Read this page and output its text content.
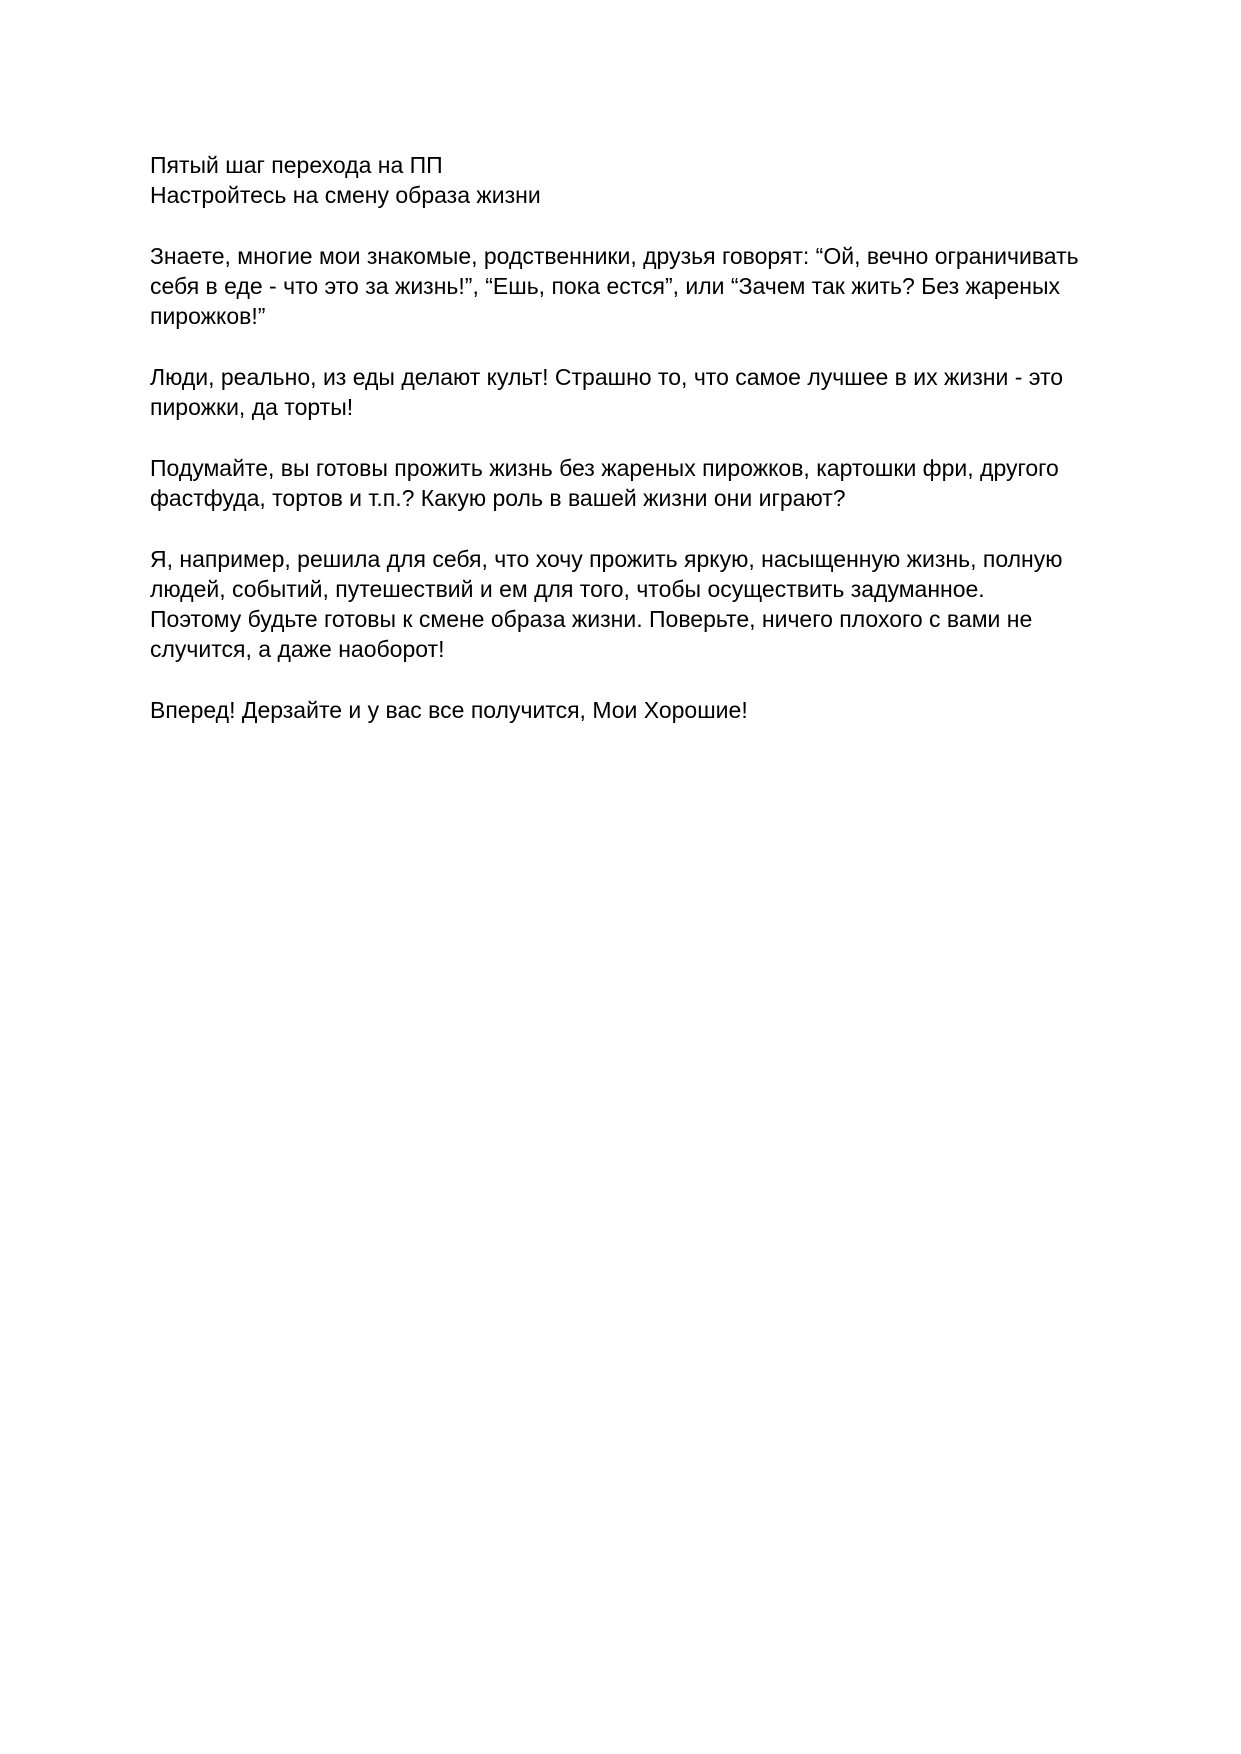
Пятый шаг перехода на ПП
Настройтесь на смену образа жизни

Знаете, многие мои знакомые, родственники, друзья говорят: “Ой, вечно ограничивать
себя в еде - что это за жизнь!”, “Ешь, пока естся”, или “Зачем так жить? Без жареных
пирожков!”

Люди, реально, из еды делают культ! Страшно то, что самое лучшее в их жизни - это
пирожки, да торты!

Подумайте, вы готовы прожить жизнь без жареных пирожков, картошки фри, другого
фастфуда, тортов и т.п.? Какую роль в вашей жизни они играют?

Я, например, решила для себя, что хочу прожить яркую, насыщенную жизнь, полную
людей, событий, путешествий и ем для того, чтобы осуществить задуманное.
Поэтому будьте готовы к смене образа жизни. Поверьте, ничего плохого с вами не
случится, а даже наоборот!

Вперед! Дерзайте и у вас все получится, Мои Хорошие!
